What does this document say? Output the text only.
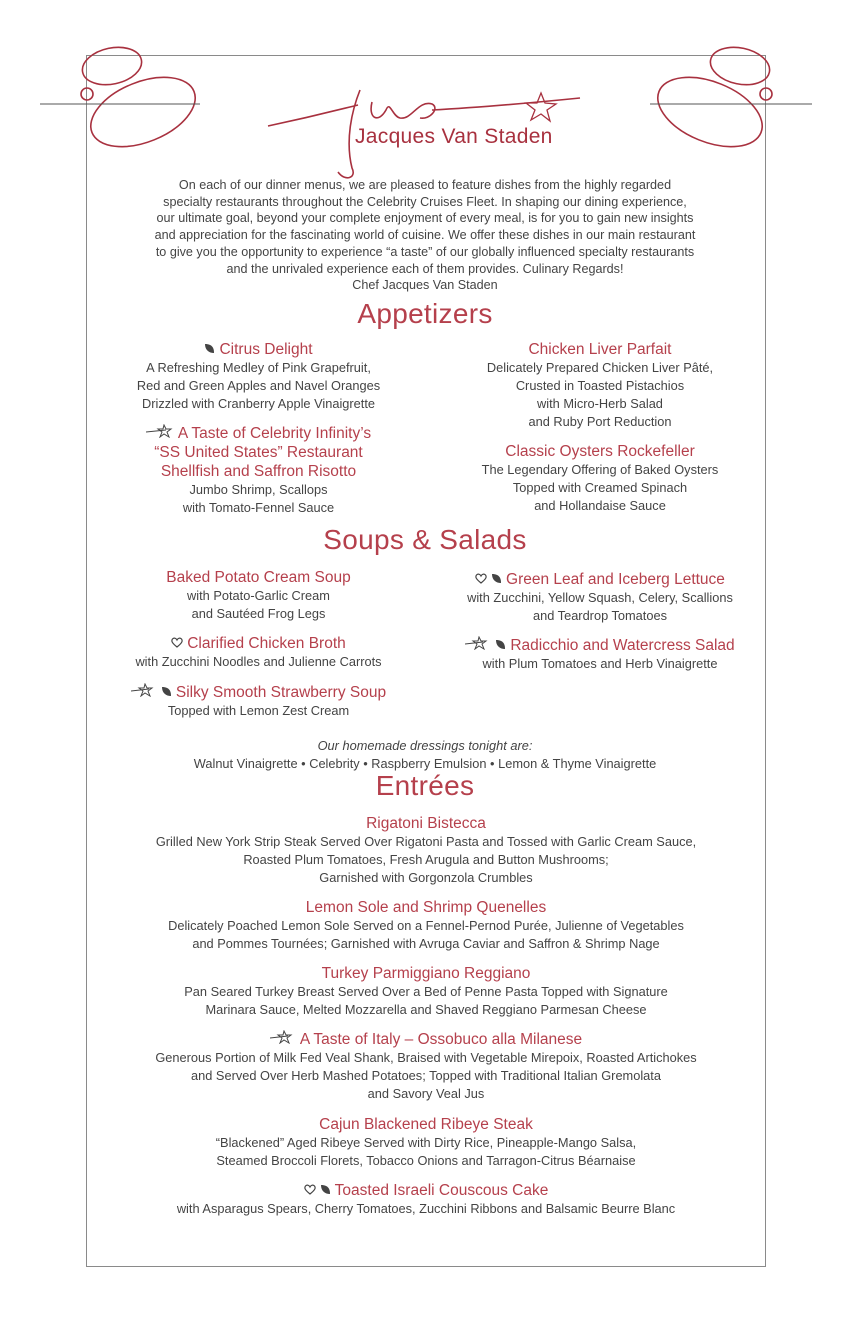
Jacques Van Staden
On each of our dinner menus, we are pleased to feature dishes from the highly regarded
specialty restaurants throughout the Celebrity Cruises Fleet. In shaping our dining experience,
our ultimate goal, beyond your complete enjoyment of every meal, is for you to gain new insights
and appreciation for the fascinating world of cuisine. We offer these dishes in our main restaurant
to give you the opportunity to experience “a taste” of our globally influenced specialty restaurants
and the unrivaled experience each of them provides. Culinary Regards!
Chef Jacques Van Staden
Appetizers
Citrus Delight
A Refreshing Medley of Pink Grapefruit,
Red and Green Apples and Navel Oranges
Drizzled with Cranberry Apple Vinaigrette
A Taste of Celebrity Infinity’s
“SS United States” Restaurant
Shellfish and Saffron Risotto
Jumbo Shrimp, Scallops
with Tomato-Fennel Sauce
Chicken Liver Parfait
Delicately Prepared Chicken Liver Pâté,
Crusted in Toasted Pistachios
with Micro-Herb Salad
and Ruby Port Reduction
Classic Oysters Rockefeller
The Legendary Offering of Baked Oysters
Topped with Creamed Spinach
and Hollandaise Sauce
Soups & Salads
Baked Potato Cream Soup
with Potato-Garlic Cream
and Sautéed Frog Legs
Clarified Chicken Broth
with Zucchini Noodles and Julienne Carrots
Silky Smooth Strawberry Soup
Topped with Lemon Zest Cream
Green Leaf and Iceberg Lettuce
with Zucchini, Yellow Squash, Celery, Scallions
and Teardrop Tomatoes
Radicchio and Watercress Salad
with Plum Tomatoes and Herb Vinaigrette
Our homemade dressings tonight are:
Walnut Vinaigrette • Celebrity • Raspberry Emulsion • Lemon & Thyme Vinaigrette
Entrées
Rigatoni Bistecca
Grilled New York Strip Steak Served Over Rigatoni Pasta and Tossed with Garlic Cream Sauce,
Roasted Plum Tomatoes, Fresh Arugula and Button Mushrooms;
Garnished with Gorgonzola Crumbles
Lemon Sole and Shrimp Quenelles
Delicately Poached Lemon Sole Served on a Fennel-Pernod Purée, Julienne of Vegetables
and Pommes Tournées; Garnished with Avruga Caviar and Saffron & Shrimp Nage
Turkey Parmiggiano Reggiano
Pan Seared Turkey Breast Served Over a Bed of Penne Pasta Topped with Signature
Marinara Sauce, Melted Mozzarella and Shaved Reggiano Parmesan Cheese
A Taste of Italy – Ossobuco alla Milanese
Generous Portion of Milk Fed Veal Shank, Braised with Vegetable Mirepoix, Roasted Artichokes
and Served Over Herb Mashed Potatoes; Topped with Traditional Italian Gremolata
and Savory Veal Jus
Cajun Blackened Ribeye Steak
“Blackened” Aged Ribeye Served with Dirty Rice, Pineapple-Mango Salsa,
Steamed Broccoli Florets, Tobacco Onions and Tarragon-Citrus Béarnaise
Toasted Israeli Couscous Cake
with Asparagus Spears, Cherry Tomatoes, Zucchini Ribbons and Balsamic Beurre Blanc
